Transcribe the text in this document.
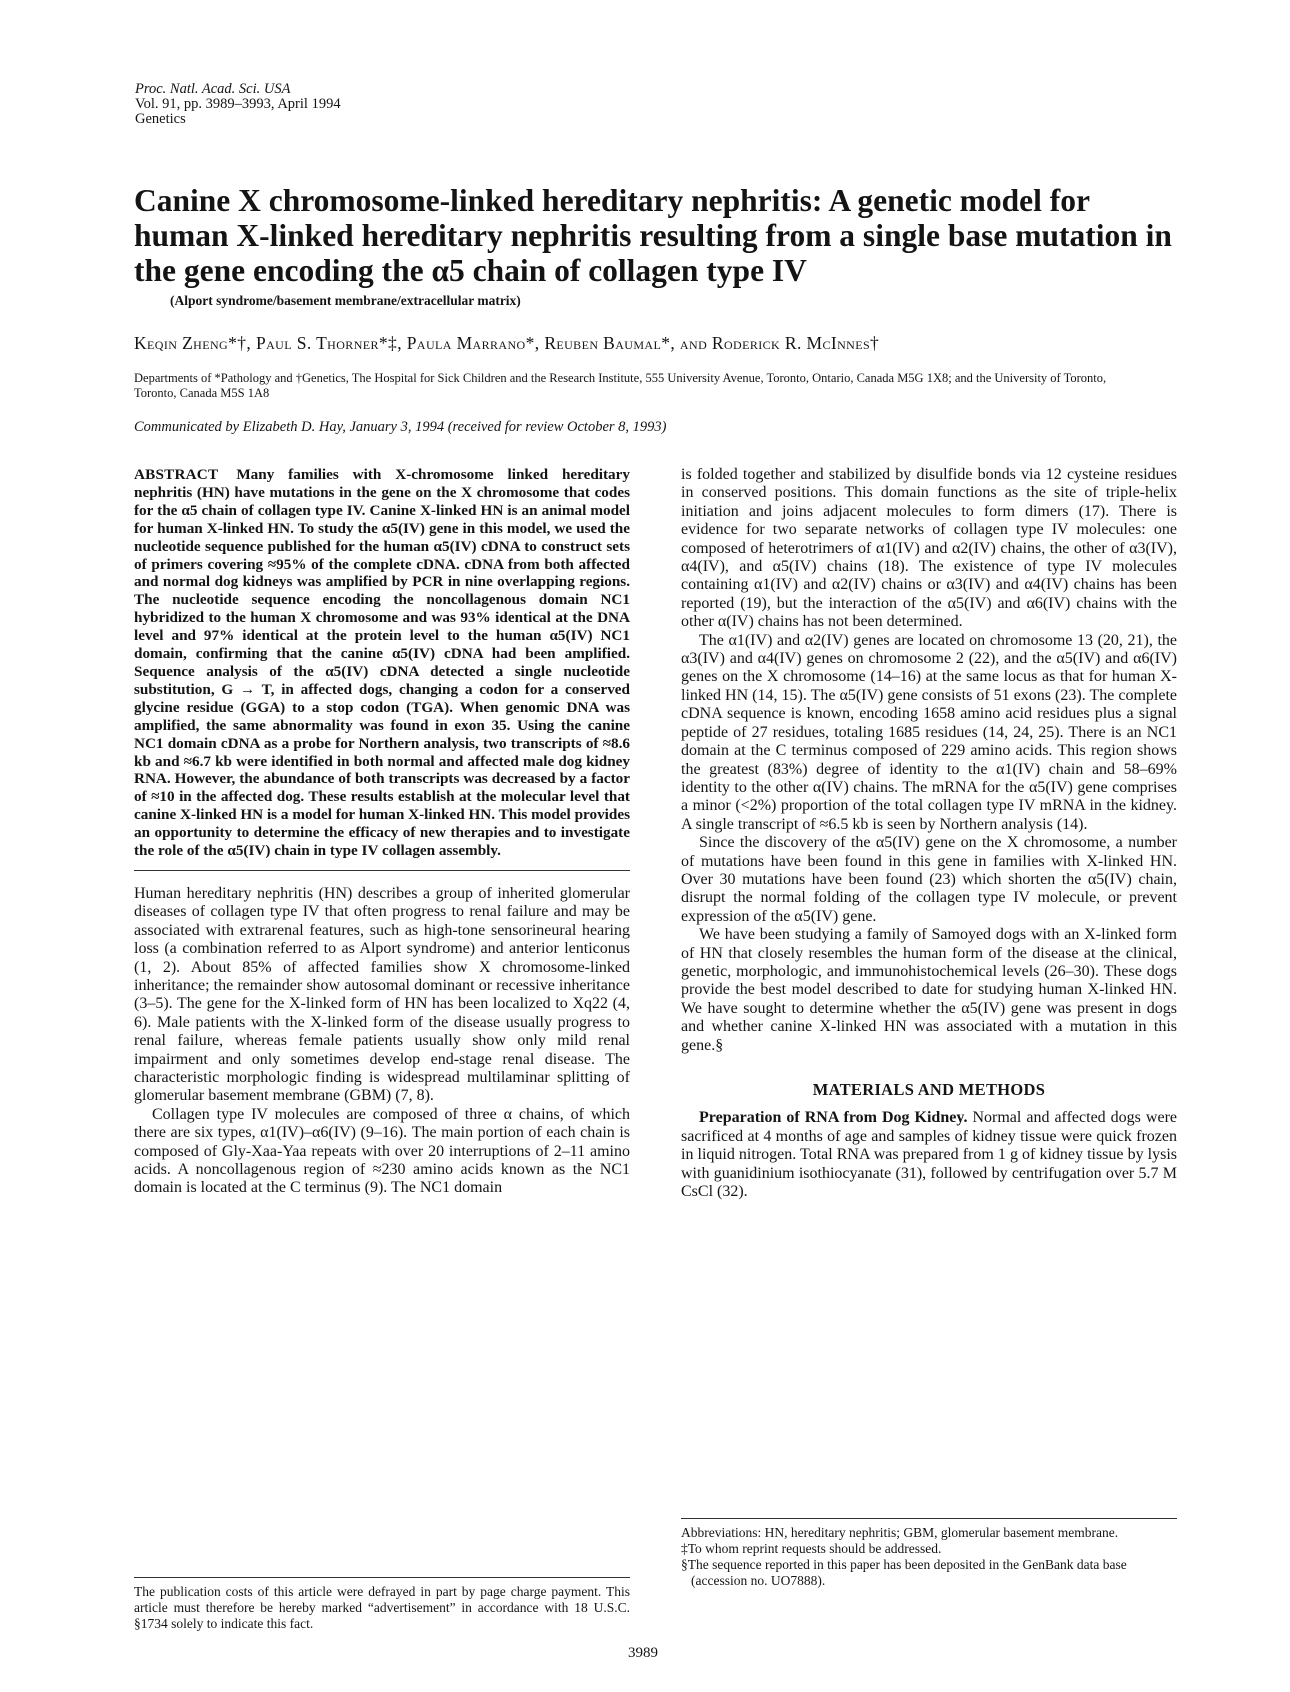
Proc. Natl. Acad. Sci. USA
Vol. 91, pp. 3989–3993, April 1994
Genetics
Canine X chromosome-linked hereditary nephritis: A genetic model for human X-linked hereditary nephritis resulting from a single base mutation in the gene encoding the α5 chain of collagen type IV
(Alport syndrome/basement membrane/extracellular matrix)
Keqin Zheng*†, Paul S. Thorner*‡, Paula Marrano*, Reuben Baumal*, and Roderick R. McInnes†
Departments of *Pathology and †Genetics, The Hospital for Sick Children and the Research Institute, 555 University Avenue, Toronto, Ontario, Canada M5G 1X8; and the University of Toronto, Toronto, Canada M5S 1A8
Communicated by Elizabeth D. Hay, January 3, 1994 (received for review October 8, 1993)

ABSTRACT Many families with X-chromosome linked hereditary nephritis (HN) have mutations in the gene on the X chromosome that codes for the α5 chain of collagen type IV. Canine X-linked HN is an animal model for human X-linked HN. To study the α5(IV) gene in this model, we used the nucleotide sequence published for the human α5(IV) cDNA to construct sets of primers covering ≈95% of the complete cDNA. cDNA from both affected and normal dog kidneys was amplified by PCR in nine overlapping regions. The nucleotide sequence encoding the noncollagenous domain NC1 hybridized to the human X chromosome and was 93% identical at the DNA level and 97% identical at the protein level to the human α5(IV) NC1 domain, confirming that the canine α5(IV) cDNA had been amplified. Sequence analysis of the α5(IV) cDNA detected a single nucleotide substitution, G → T, in affected dogs, changing a codon for a conserved glycine residue (GGA) to a stop codon (TGA). When genomic DNA was amplified, the same abnormality was found in exon 35. Using the canine NC1 domain cDNA as a probe for Northern analysis, two transcripts of ≈8.6 kb and ≈6.7 kb were identified in both normal and affected male dog kidney RNA. However, the abundance of both transcripts was decreased by a factor of ≈10 in the affected dog. These results establish at the molecular level that canine X-linked HN is a model for human X-linked HN. This model provides an opportunity to determine the efficacy of new therapies and to investigate the role of the α5(IV) chain in type IV collagen assembly.

Human hereditary nephritis (HN) describes a group of inherited glomerular diseases of collagen type IV that often progress to renal failure and may be associated with extrarenal features, such as high-tone sensorineural hearing loss (a combination referred to as Alport syndrome) and anterior lenticonus (1, 2). About 85% of affected families show X chromosome-linked inheritance; the remainder show autosomal dominant or recessive inheritance (3–5). The gene for the X-linked form of HN has been localized to Xq22 (4, 6). Male patients with the X-linked form of the disease usually progress to renal failure, whereas female patients usually show only mild renal impairment and only sometimes develop end-stage renal disease. The characteristic morphologic finding is widespread multilaminar splitting of glomerular basement membrane (GBM) (7, 8).

Collagen type IV molecules are composed of three α chains, of which there are six types, α1(IV)–α6(IV) (9–16). The main portion of each chain is composed of Gly-Xaa-Yaa repeats with over 20 interruptions of 2–11 amino acids. A noncollagenous region of ≈230 amino acids known as the NC1 domain is located at the C terminus (9). The NC1 domain

is folded together and stabilized by disulfide bonds via 12 cysteine residues in conserved positions. This domain functions as the site of triple-helix initiation and joins adjacent molecules to form dimers (17). There is evidence for two separate networks of collagen type IV molecules: one composed of heterotrimers of α1(IV) and α2(IV) chains, the other of α3(IV), α4(IV), and α5(IV) chains (18). The existence of type IV molecules containing α1(IV) and α2(IV) chains or α3(IV) and α4(IV) chains has been reported (19), but the interaction of the α5(IV) and α6(IV) chains with the other α(IV) chains has not been determined.

The α1(IV) and α2(IV) genes are located on chromosome 13 (20, 21), the α3(IV) and α4(IV) genes on chromosome 2 (22), and the α5(IV) and α6(IV) genes on the X chromosome (14–16) at the same locus as that for human X-linked HN (14, 15). The α5(IV) gene consists of 51 exons (23). The complete cDNA sequence is known, encoding 1658 amino acid residues plus a signal peptide of 27 residues, totaling 1685 residues (14, 24, 25). There is an NC1 domain at the C terminus composed of 229 amino acids. This region shows the greatest (83%) degree of identity to the α1(IV) chain and 58–69% identity to the other α(IV) chains. The mRNA for the α5(IV) gene comprises a minor (<2%) proportion of the total collagen type IV mRNA in the kidney. A single transcript of ≈6.5 kb is seen by Northern analysis (14).

Since the discovery of the α5(IV) gene on the X chromosome, a number of mutations have been found in this gene in families with X-linked HN. Over 30 mutations have been found (23) which shorten the α5(IV) chain, disrupt the normal folding of the collagen type IV molecule, or prevent expression of the α5(IV) gene.

We have been studying a family of Samoyed dogs with an X-linked form of HN that closely resembles the human form of the disease at the clinical, genetic, morphologic, and immunohistochemical levels (26–30). These dogs provide the best model described to date for studying human X-linked HN. We have sought to determine whether the α5(IV) gene was present in dogs and whether canine X-linked HN was associated with a mutation in this gene.§

MATERIALS AND METHODS

Preparation of RNA from Dog Kidney. Normal and affected dogs were sacrificed at 4 months of age and samples of kidney tissue were quick frozen in liquid nitrogen. Total RNA was prepared from 1 g of kidney tissue by lysis with guanidinium isothiocyanate (31), followed by centrifugation over 5.7 M CsCl (32).

The publication costs of this article were defrayed in part by page charge payment. This article must therefore be hereby marked “advertisement” in accordance with 18 U.S.C. §1734 solely to indicate this fact.

Abbreviations: HN, hereditary nephritis; GBM, glomerular basement membrane.

‡To whom reprint requests should be addressed.

§The sequence reported in this paper has been deposited in the GenBank data base (accession no. UO7888).

3989
